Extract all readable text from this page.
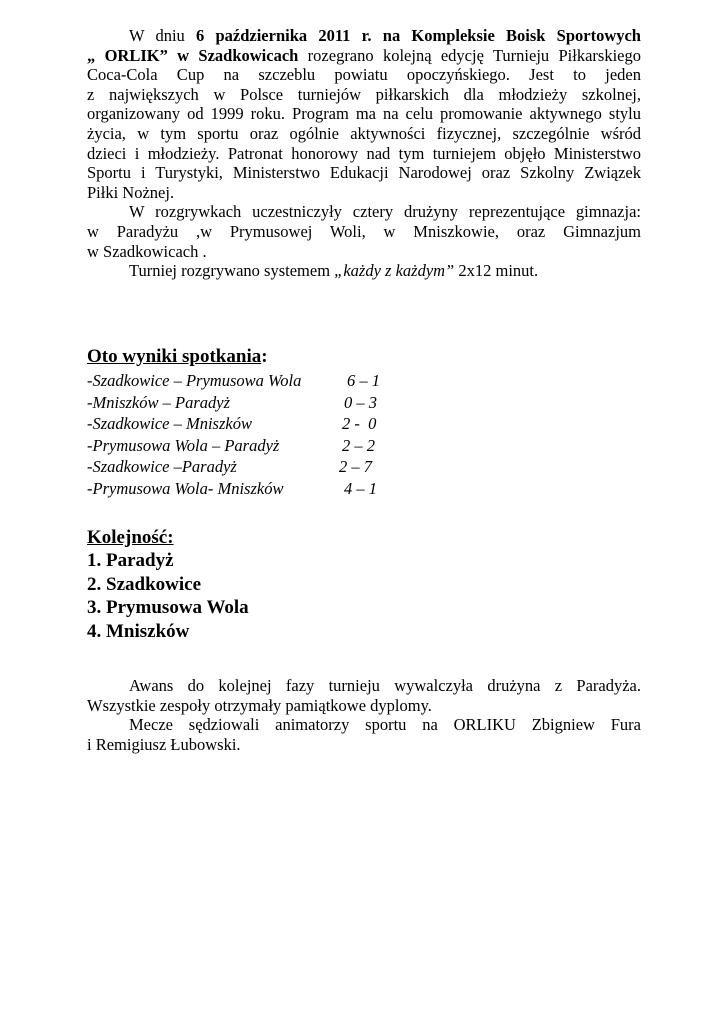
W dniu 6 października 2011 r. na Kompleksie Boisk Sportowych
„ ORLIK” w Szadkowicach rozegrano kolejną edycję Turnieju Piłkarskiego
Coca-Cola Cup na szczeblu powiatu opoczyńskiego. Jest to jeden
z największych w Polsce turniejów piłkarskich dla młodzieży szkolnej,
organizowany od 1999 roku. Program ma na celu promowanie aktywnego stylu
życia, w tym sportu oraz ogólnie aktywności fizycznej, szczególnie wśród
dzieci i młodzieży. Patronat honorowy nad tym turniejem objęło Ministerstwo
Sportu i Turystyki, Ministerstwo Edukacji Narodowej oraz Szkolny Związek
Piłki Nożnej.
W rozgrywkach uczestniczyły cztery drużyny reprezentujące gimnazja:
w Paradyżu ,w Prymusowej Woli, w Mniszkowie, oraz Gimnazjum
w Szadkowicach .
Turniej rozgrywano systemem „każdy z każdym” 2x12 minut.
Oto wyniki spotkania:
-Szadkowice – Prymusowa Wola	6 – 1
-Mniszków – Paradyż	0 – 3
-Szadkowice – Mniszków	2 -  0
-Prymusowa Wola – Paradyż	2 – 2
-Szadkowice –Paradyż	2 – 7
-Prymusowa Wola- Mniszków	4 – 1
Kolejność:
1. Paradyż
2. Szadkowice
3. Prymusowa Wola
4. Mniszków
Awans do kolejnej fazy turnieju wywalczyła drużyna z Paradyża.
Wszystkie zespoły otrzymały pamiątkowe dyplomy.
Mecze sędziowali animatorzy sportu na ORLIKU Zbigniew Fura
i Remigiusz Łubowski.
